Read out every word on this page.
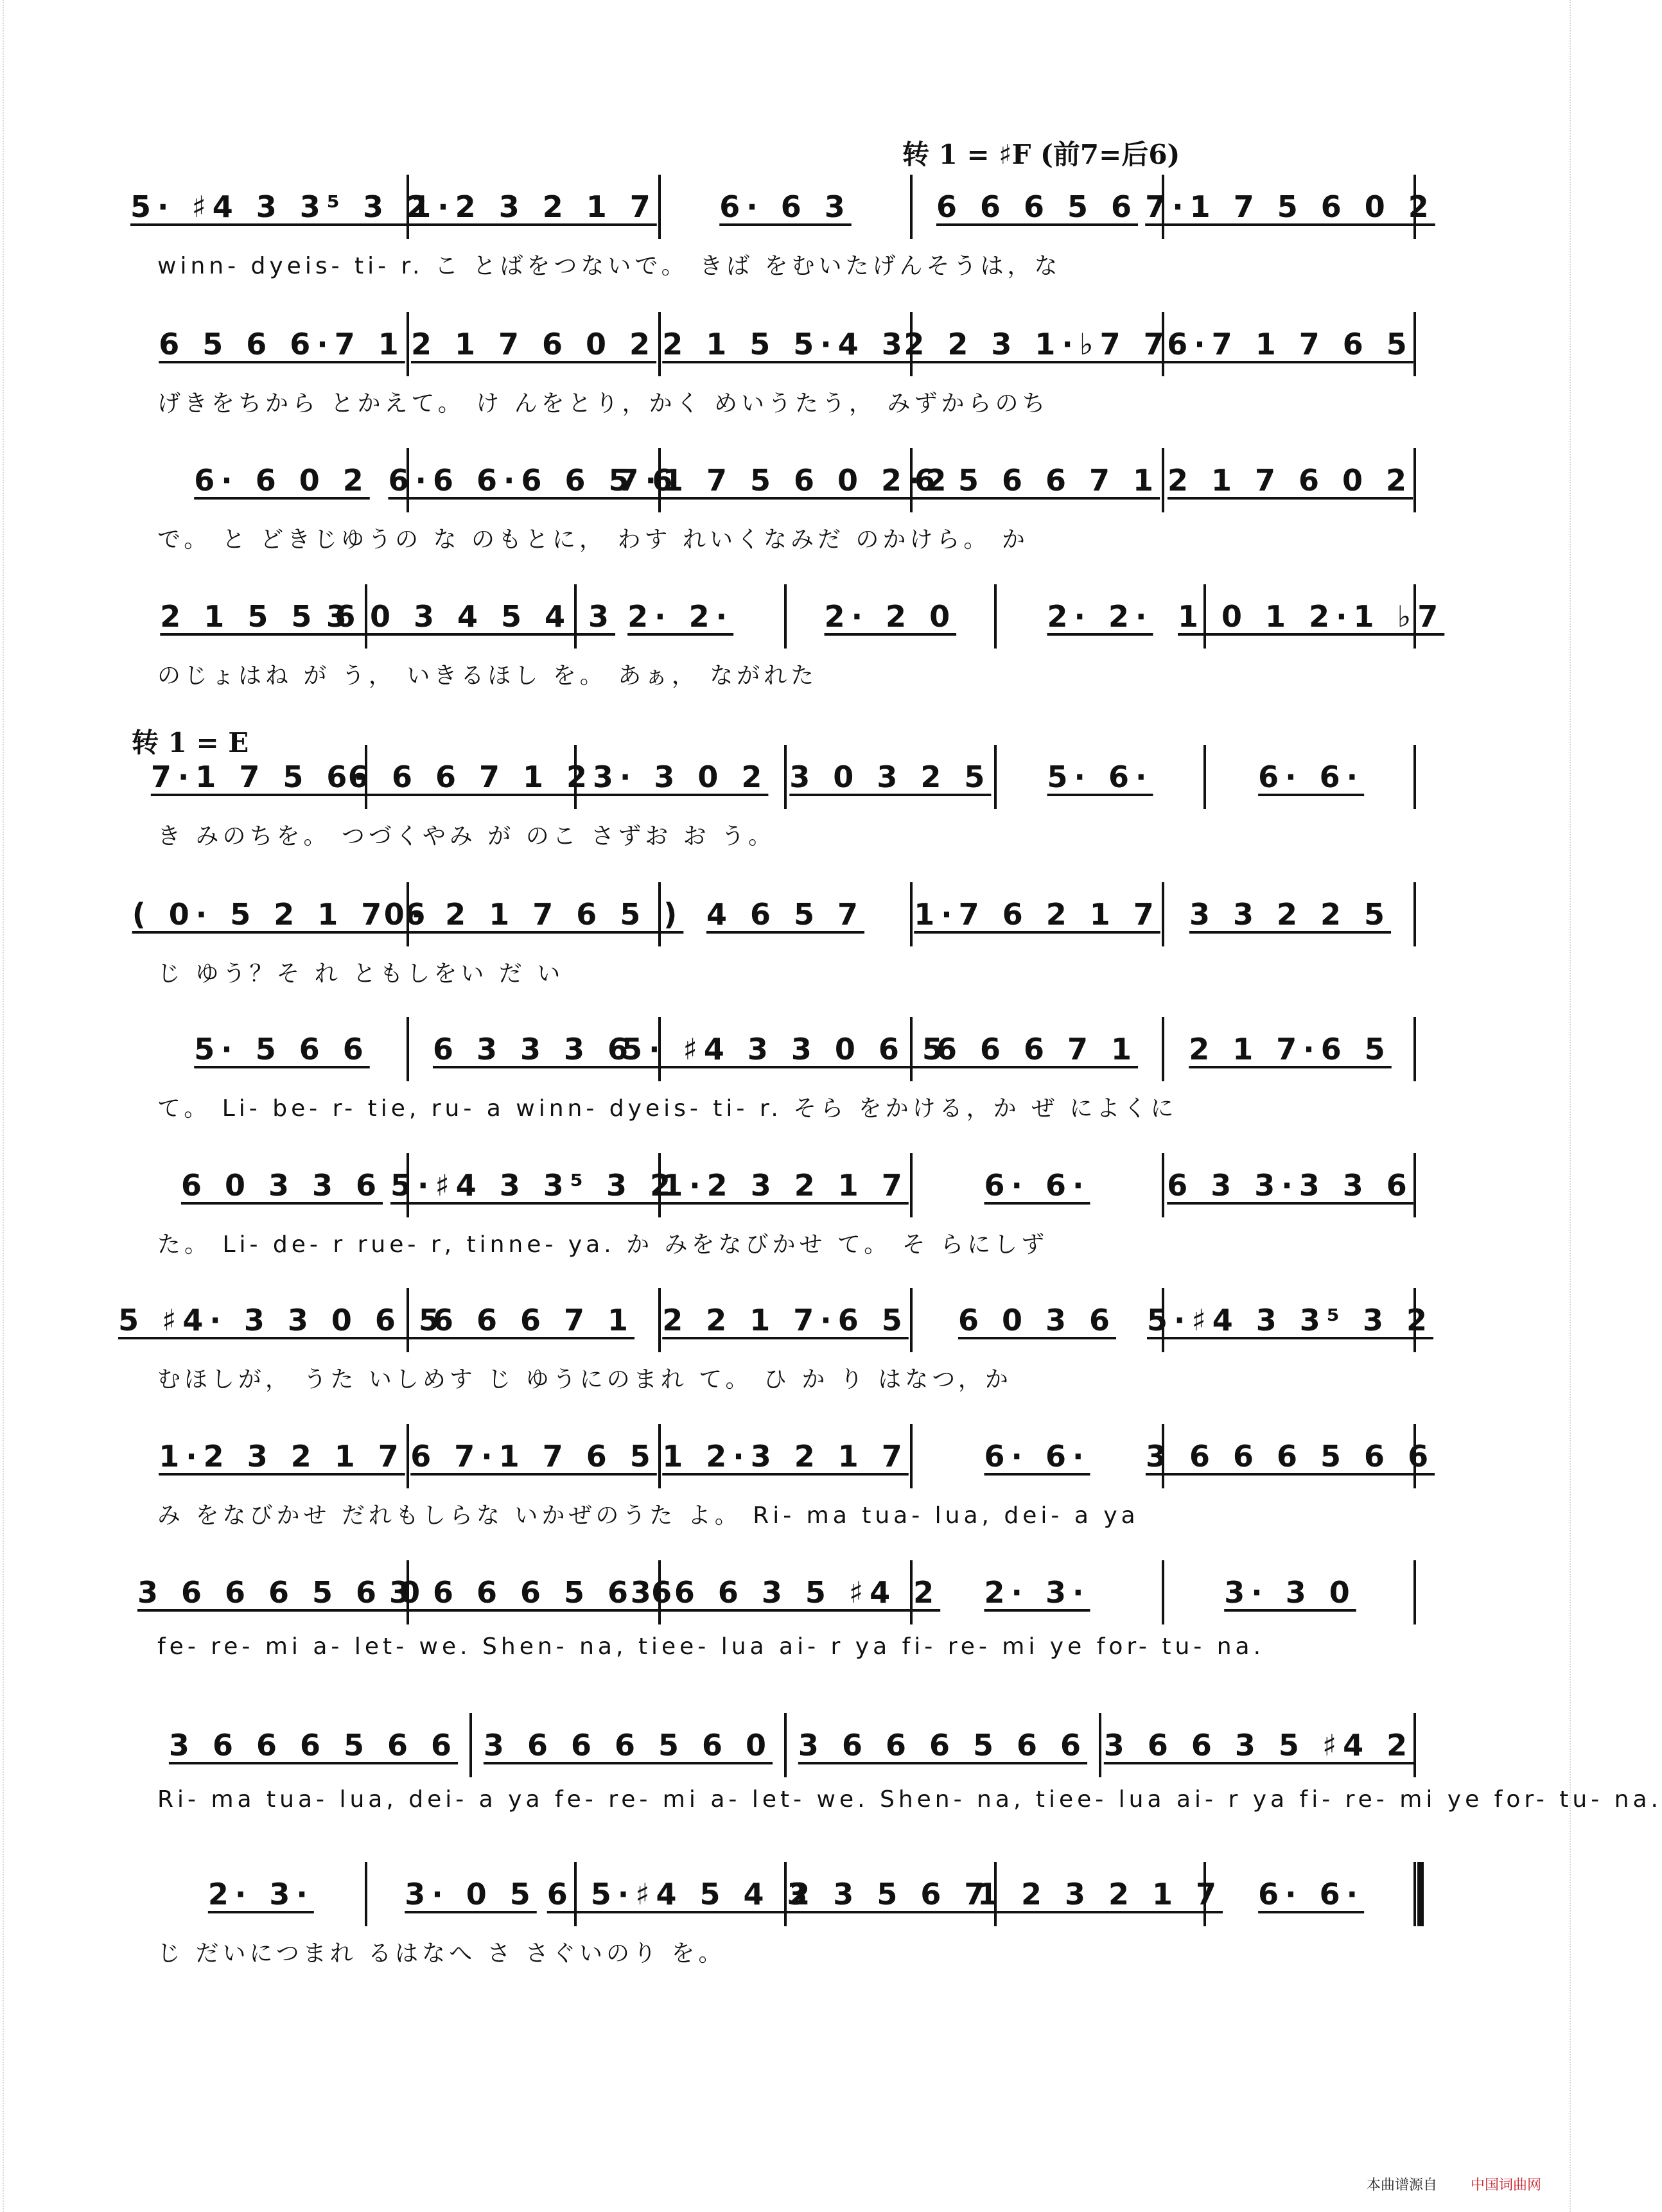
转 1 = ♯F (前7=后6)
转 1 = E
5· ♯4 3 3⁵ 3 2
1·2 3 2 1 7 6· 6 3	6 6 6 5 6 7·1 7 5 6 0 2
winn- dyeis- ti- r. こ とばをつないで。 きば をむいたげんそうは，な
6 5 6 6·7 1 2 1 7 6 0 2 2 1 5 5·4 3
2 2 3 1·♭7 7
6·7 1 7 6 5
げきをちから とかえて。 け んをとり，かく めいうたう， みずからのち
6· 6 0 2 6·6 6·6 6 5 6
7·1 7 5 6 0 2·2
6 5 6 6 7 1 2 1 7 6 0 2
で。 と どきじゆうの な のもとに， わす れいくなみだ のかけら。 か
2 1 5 5 6
3 0 3 4 5 4 3 2· 2·	2· 2 0	2· 2· 1 0 1 2·1 ♭7
のじょはね が う， いきるほし を。 あぁ， ながれた
7·1 7 5 6·
6 6 6 7 1 2
3· 3 0 2 3 0 3 2 5 5· 6·	6· 6·
き みのちを。 つづくやみ が のこ さずお お う。
( 0· 5 2 1 7 6
0· 2 1 7 6 5 ) 4 6 5 7 1·7 6 2 1 7 3 3 2 2 5
じ ゆう？そ れ ともしをい だ い
5· 5 6 6 6 3 3 3 6
5· ♯4 3 3 0 6 5
6 6 6 7 1 2 1 7·6 5
て。 Li- be- r- tie, ru- a winn- dyeis- ti- r. そら をかける，か ぜ によくに
6 0 3 3 6 5·♯4 3 3⁵ 3 2
1·2 3 2 1 7	6· 6·	6 3 3·3 3 6
た。 Li- de- r rue- r, tinne- ya. か みをなびかせ て。 そ らにしず
5 ♯4· 3 3 0 6 5
6 6 6 7 1 2 2 1 7·6 5 6 0 3 6 5·♯4 3 3⁵ 3 2
むほしが， うた いしめす じ ゆうにのまれ て。 ひ か り はなつ，か
1·2 3 2 1 7 6 7·1 7 6 5 1 2·3 2 1 7	6· 6· 3 6 6 6 5 6 6
み をなびかせ だれもしらな いかぜのうた よ。 Ri- ma tua- lua, dei- a ya
3 6 6 6 5 6 0
3 6 6 6 5 6 6
3 6 6 3 5 ♯4 2 2· 3·	3· 3 0
fe- re- mi a- let- we. Shen- na, tiee- lua ai- r ya fi- re- mi ye for- tu- na.
3 6 6 6 5 6 6 3 6 6 6 5 6 0 3 6 6 6 5 6 6 3 6 6 3 5 ♯4 2
Ri- ma tua- lua, dei- a ya fe- re- mi a- let- we. Shen- na, tiee- lua ai- r ya fi- re- mi ye for- tu- na.
2· 3·	3· 0 5 6 5·♯4 5 4 3
2 3 5 6 7
1 2 3 2 1 7 6· 6·
じ だいにつまれ るはなへ さ さぐいのり を。
本曲谱源自 中国词曲网
